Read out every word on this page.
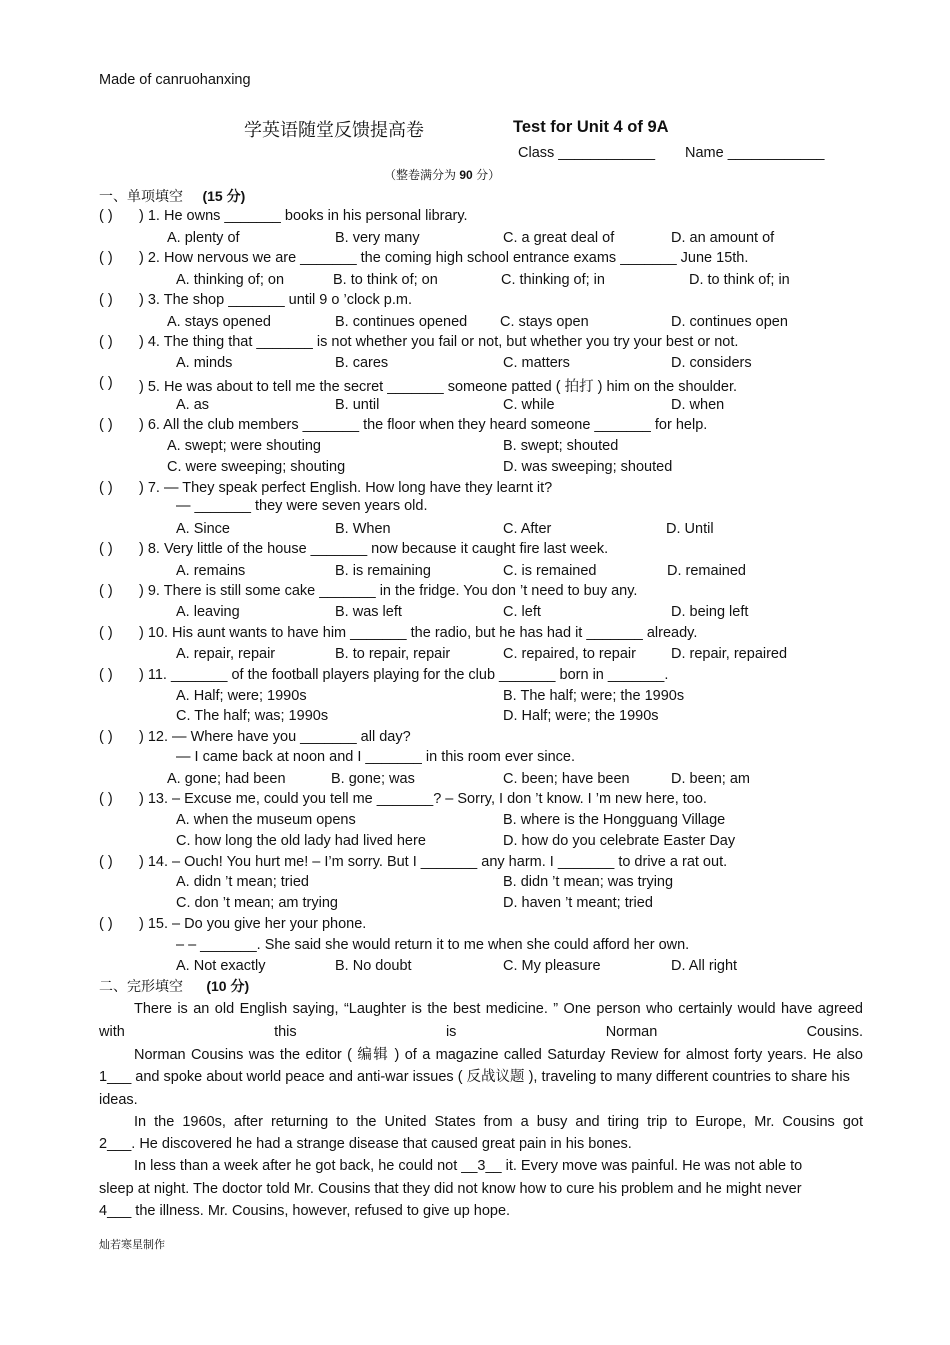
Made of canruohanxing
学英语随堂反馈提高卷	Test for Unit 4 of 9A
Class ____________ Name ____________
（整卷满分为 90 分）
一、单项填空 (15 分)
( ) ) 1. He owns _______ books in his personal library.
A. plenty of	B. very many	C. a great deal of	D. an amount of
( ) ) 2. How nervous we are _______ the coming high school entrance exams _______ June 15th.
A. thinking of; on	B. to think of; on	C. thinking of; in	D. to think of; in
( ) ) 3. The shop _______ until 9 o ’clock p.m.
A. stays opened	B. continues opened C. stays open	D. continues open
( ) ) 4. The thing that _______ is not whether you fail or not, but whether you try your best or not.
A. minds	B. cares	C. matters	D. considers
( ) ) 5. He was about to tell me the secret _______ someone patted ( 拍打 ) him on the shoulder.
A. as	B. until	C. while	D. when
( ) ) 6. All the club members _______ the floor when they heard someone _______ for help.
A. swept; were shouting	B. swept; shouted
C. were sweeping; shouting	D. was sweeping; shouted
( ) ) 7. — They speak perfect English. How long have they learnt it?
— _______ they were seven years old.
A. Since	B. When	C. After	D. Until
( ) ) 8. Very little of the house _______ now because it caught fire last week.
A. remains	B. is remaining	C. is remained	D. remained
( ) ) 9. There is still some cake _______ in the fridge. You don ’t need to buy any.
A. leaving	B. was left	C. left	D. being left
( ) ) 10. His aunt wants to have him _______ the radio, but he has had it _______ already.
A. repair, repair	B. to repair, repair	C. repaired, to repair D. repair, repaired
( ) ) 11. _______ of the football players playing for the club _______ born in _______.
A. Half; were; 1990s	B. The half; were; the 1990s
C. The half; was; 1990s	D. Half; were; the 1990s
( ) ) 12. — Where have you _______ all day?
— I came back at noon and I _______ in this room ever since.
A. gone; had been	B. gone; was	C. been; have been	D. been; am
( ) ) 13. – Excuse me, could you tell me _______? – Sorry, I don ’t know. I ’m new here, too.
A. when the museum opens	B. where is the Hongguang Village
C. how long the old lady had lived here	D. how do you celebrate Easter Day
( ) ) 14. – Ouch! You hurt me! – I’m sorry. But I _______ any harm. I _______ to drive a rat out.
A. didn ’t mean; tried	B. didn ’t mean; was trying
C. don ’t mean; am trying	D. haven ’t meant; tried
( ) ) 15. – Do you give her your phone.
– – _______. She said she would return it to me when she could afford her own.
A. Not exactly	B. No doubt	C. My pleasure	D. All right
二、完形填空 (10 分)
There is an old English saying, “Laughter is the best medicine. ” One person who certainly would have agreed with this is Norman Cousins.
Norman Cousins was the editor ( 编辑 ) of a magazine called Saturday Review for almost forty years. He also
1___ and spoke about world peace and anti-war issues ( 反战议题 ), traveling to many different countries to share his ideas.
In the 1960s, after returning to the United States from a busy and tiring trip to Europe, Mr. Cousins got
2___. He discovered he had a strange disease that caused great pain in his bones.
In less than a week after he got back, he could not __3__ it. Every move was painful. He was not able to
sleep at night. The doctor told Mr. Cousins that they did not know how to cure his problem and he might never
4___ the illness. Mr. Cousins, however, refused to give up hope.
灿若寒星制作
